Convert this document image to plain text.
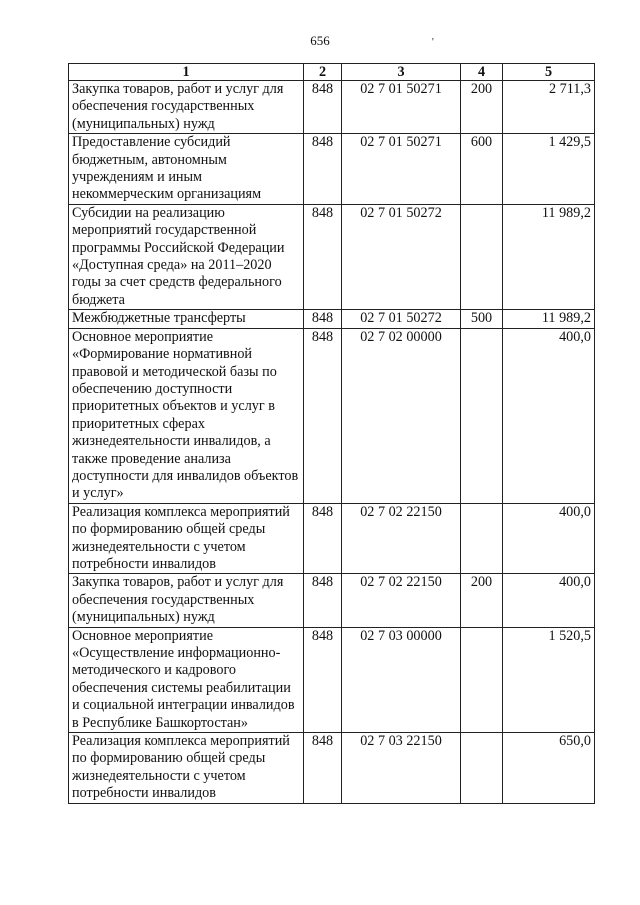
656	'
1	2	3	4	5
Закупка товаров, работ и услуг для обеспечения государственных (муниципальных) нужд	848	02 7 01 50271	200	2 711,3
Предоставление субсидий бюджетным, автономным учреждениям и иным некоммерческим организациям	848	02 7 01 50271	600	1 429,5
Субсидии на реализацию мероприятий государственной программы Российской Федерации «Доступная среда» на 2011–2020 годы за счет средств федерального бюджета	848	02 7 01 50272		11 989,2
Межбюджетные трансферты	848	02 7 01 50272	500	11 989,2
Основное мероприятие «Формирование нормативной правовой и методической базы по обеспечению доступности приоритетных объектов и услуг в приоритетных сферах жизнедеятельности инвалидов, а также проведение анализа доступности для инвалидов объектов и услуг»	848	02 7 02 00000		400,0
Реализация комплекса мероприятий по формированию общей среды жизнедеятельности с учетом потребности инвалидов	848	02 7 02 22150		400,0
Закупка товаров, работ и услуг для обеспечения государственных (муниципальных) нужд	848	02 7 02 22150	200	400,0
Основное мероприятие «Осуществление информационно-методического и кадрового обеспечения системы реабилитации и социальной интеграции инвалидов в Республике Башкортостан»	848	02 7 03 00000		1 520,5
Реализация комплекса мероприятий по формированию общей среды жизнедеятельности с учетом потребности инвалидов	848	02 7 03 22150		650,0
